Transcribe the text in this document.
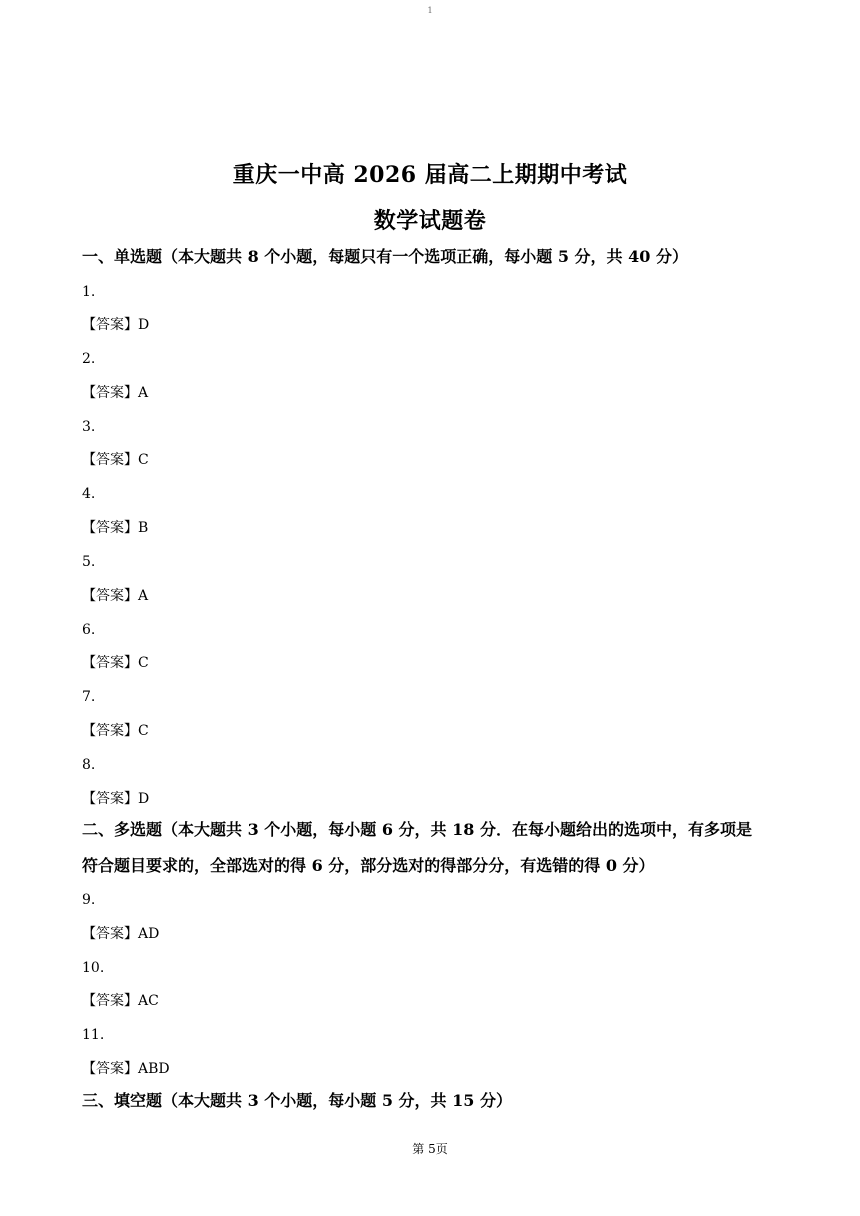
1
重庆一中高 2026 届高二上期期中考试
数学试题卷
一、单选题（本大题共 8 个小题，每题只有一个选项正确，每小题 5 分，共 40 分）
1.
【答案】D
2.
【答案】A
3.
【答案】C
4.
【答案】B
5.
【答案】A
6.
【答案】C
7.
【答案】C
8.
【答案】D
二、多选题（本大题共 3 个小题，每小题 6 分，共 18 分．在每小题给出的选项中，有多项是
符合题目要求的，全部选对的得 6 分，部分选对的得部分分，有选错的得 0 分）
9.
【答案】AD
10.
【答案】AC
11.
【答案】ABD
三、填空题（本大题共 3 个小题，每小题 5 分，共 15 分）
第 5页
